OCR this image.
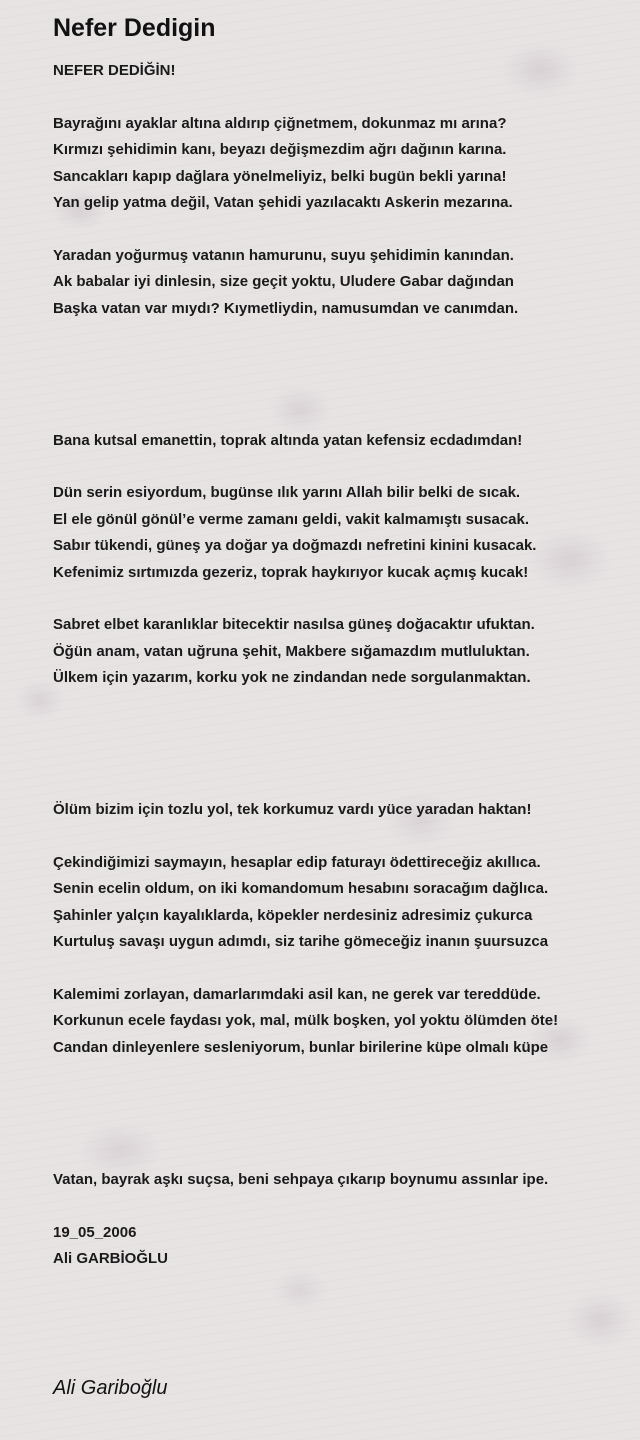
Nefer Dedigin
NEFER DEDİĞİN!
Bayrağını ayaklar altına aldırıp çiğnetmem, dokunmaz mı arına?
Kırmızı şehidimin kanı, beyazı değişmezdim ağrı dağının karına.
Sancakları kapıp dağlara yönelmeliyiz, belki bugün bekli yarına!
Yan gelip yatma değil, Vatan şehidi yazılacaktı Askerin mezarına.
Yaradan yoğurmuş vatanın hamurunu, suyu şehidimin kanından.
Ak babalar iyi dinlesin, size geçit yoktu, Uludere Gabar dağından
Başka vatan var mıydı? Kıymetliydin, namusumdan ve canımdan.
Bana kutsal emanettin, toprak altında yatan kefensiz ecdadımdan!
Dün serin esiyordum, bugünse ılık yarını Allah bilir belki de sıcak.
El ele gönül gönül’e verme zamanı geldi, vakit kalmamıştı susacak.
Sabır tükendi, güneş ya doğar ya doğmazdı nefretini kinini kusacak.
Kefenimiz sırtımızda gezeriz, toprak haykırıyor kucak açmış kucak!
Sabret elbet karanlıklar bitecektir nasılsa güneş doğacaktır ufuktan.
Öğün anam, vatan uğruna şehit, Makbere sığamazdım mutluluktan.
Ülkem için yazarım, korku yok ne zindandan nede sorgulanmaktan.
Ölüm bizim için tozlu yol, tek korkumuz vardı yüce yaradan haktan!
Çekindiğimizi saymayın, hesaplar edip faturayı ödettireceğiz akıllıca.
Senin ecelin oldum, on iki komandomum hesabını soracağım dağlıca.
Şahinler yalçın kayalıklarda, köpekler nerdesiniz adresimiz çukurca
Kurtuluş savaşı uygun adımdı, siz tarihe gömeceğiz inanın şuursuzca
Kalemimi zorlayan, damarlarımdaki asil kan, ne gerek var tereddüde.
Korkunun ecele faydası yok, mal, mülk boşken, yol yoktu ölümden öte!
Candan dinleyenlere sesleniyorum, bunlar birilerine küpe olmalı küpe
Vatan, bayrak aşkı suçsa, beni sehpaya çıkarıp boynumu assınlar ipe.
19_05_2006
Ali GARBİOĞLU
Ali Gariboğlu
